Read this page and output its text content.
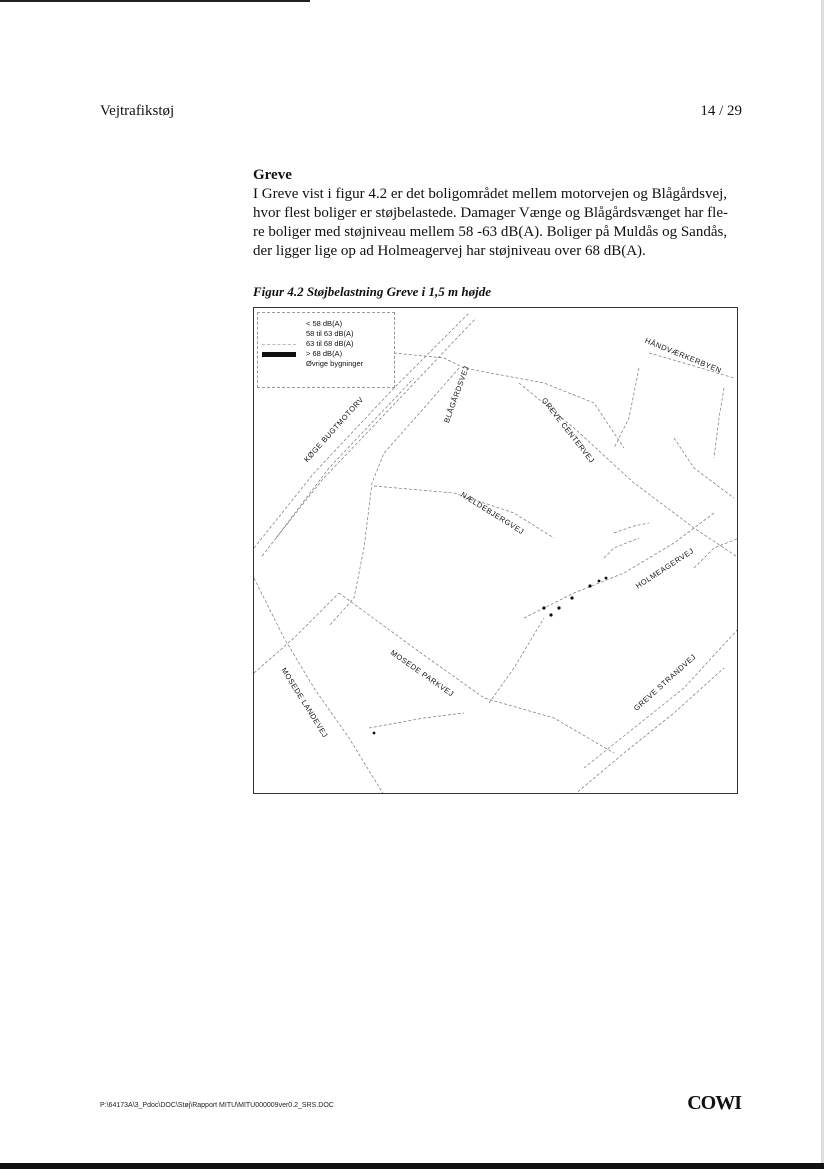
Vejtrafikstøj	14 / 29
Greve
I Greve vist i figur 4.2 er det boligområdet mellem motorvejen og Blågårdsvej,
hvor flest boliger er støjbelastede. Damager Vænge og Blågårdsvænget har fle-
re boliger med støjniveau mellem 58 -63 dB(A). Boliger på Muldås og Sandås,
der ligger lige op ad Holmeagervej har støjniveau over 68 dB(A).
Figur 4.2 Støjbelastning Greve i 1,5 m højde
< 58 dB(A)
58 til 63 dB(A)
63 til 68 dB(A)
> 68 dB(A)
Øvrige bygninger
KØGE BUGTMOTORV
BLÅGÅRDSVEJ
HÅNDVÆRKERBYEN
GREVE CENTERVEJ
NÆLDEBJERGVEJ
HOLMEAGERVEJ
MOSEDE PARKVEJ
MOSEDE LANDEVEJ	GREVE STRANDVEJ
P:\64173A\3_Pdoc\DOC\Støj\Rapport MITU\MITU000009ver0.2_SRS.DOC	COWI
